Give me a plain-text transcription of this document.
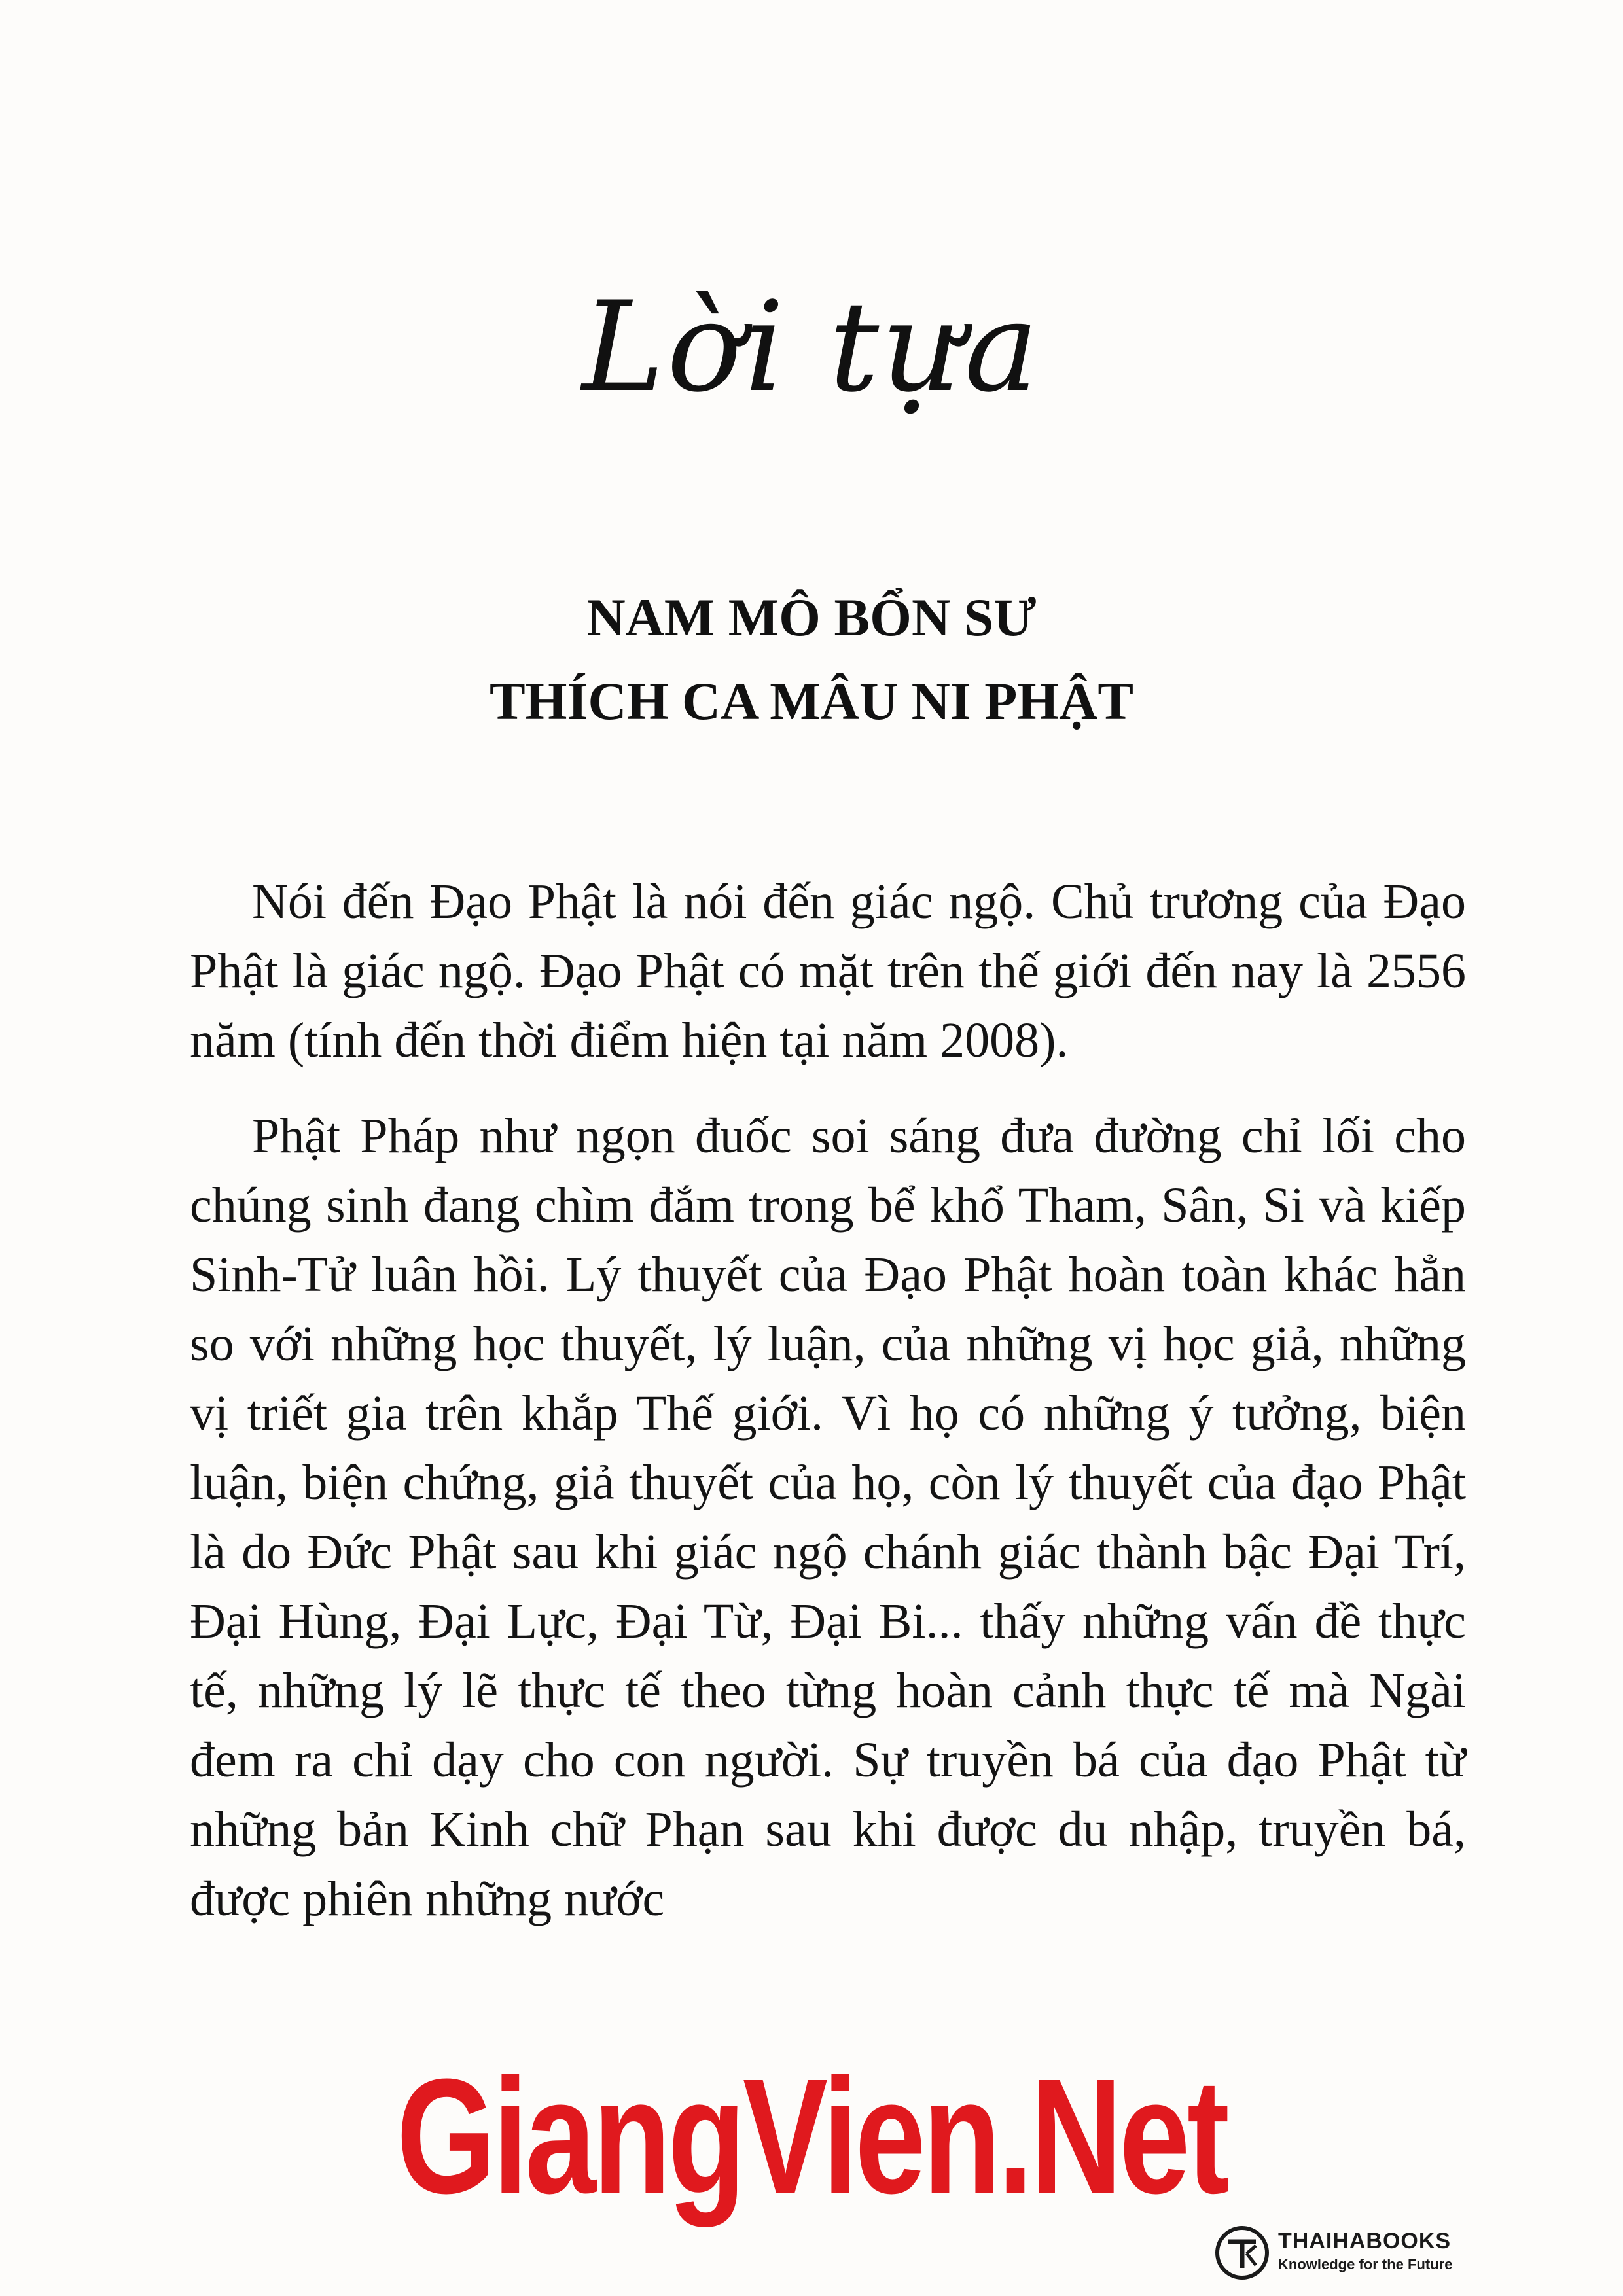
Lời tựa
NAM MÔ BỔN SƯ
THÍCH CA MÂU NI PHẬT

Nói đến Đạo Phật là nói đến giác ngộ. Chủ trương của Đạo Phật là giác ngộ. Đạo Phật có mặt trên thế giới đến nay là 2556 năm (tính đến thời điểm hiện tại năm 2008).

Phật Pháp như ngọn đuốc soi sáng đưa đường chỉ lối cho chúng sinh đang chìm đắm trong bể khổ Tham, Sân, Si và kiếp Sinh-Tử luân hồi. Lý thuyết của Đạo Phật hoàn toàn khác hẳn so với những học thuyết, lý luận, của những vị học giả, những vị triết gia trên khắp Thế giới. Vì họ có những ý tưởng, biện luận, biện chứng, giả thuyết của họ, còn lý thuyết của đạo Phật là do Đức Phật sau khi giác ngộ chánh giác thành bậc Đại Trí, Đại Hùng, Đại Lực, Đại Từ, Đại Bi... thấy những vấn đề thực tế, những lý lẽ thực tế theo từng hoàn cảnh thực tế mà Ngài đem ra chỉ dạy cho con người. Sự truyền bá của đạo Phật từ những bản Kinh chữ Phạn sau khi được du nhập, truyền bá, được phiên những nước

GiangVien.Net
THAIHABOOKS
Knowledge for the Future
